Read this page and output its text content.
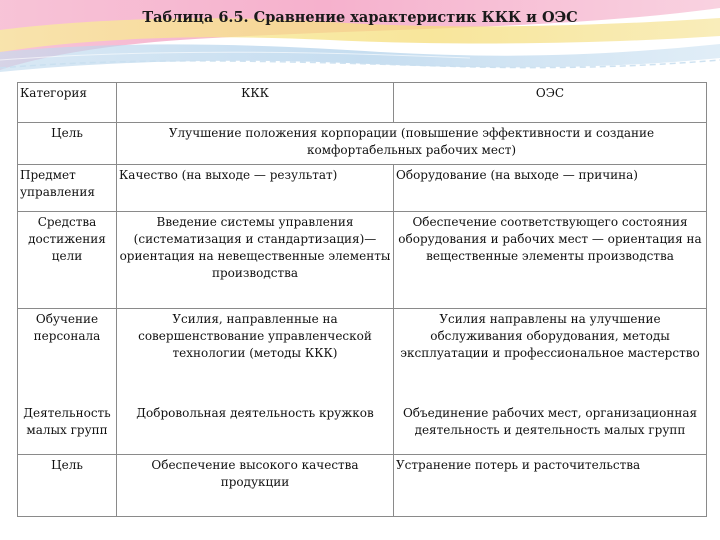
Таблица 6.5. Сравнение характеристик ККК и ОЭС
Категория	ККК	ОЭС
Цель	Улучшение положения корпорации (повышение эффективности и создание комфортабельных рабочих мест)	
Предмет управления	Качество (на выходе — результат)	Оборудование (на выходе — причина)
Средства достижения цели	Введение системы управления (систематизация и стандартизация)— ориентация на невещественные элементы производства	Обеспечение соответствующего состояния оборудования и рабочих мест — ориентация на вещественные элементы производства
Обучение персонала	Усилия, направленные на совершенствование управленческой технологии (методы ККК)	Усилия направлены на улучшение обслуживания оборудования, методы эксплуатации и профессиональное мастерство
Деятельность малых групп	Добровольная деятельность кружков	Объединение рабочих мест, организационная деятельность и деятельность малых групп
Цель	Обеспечение высокого качества продукции	Устранение потерь и расточительства
